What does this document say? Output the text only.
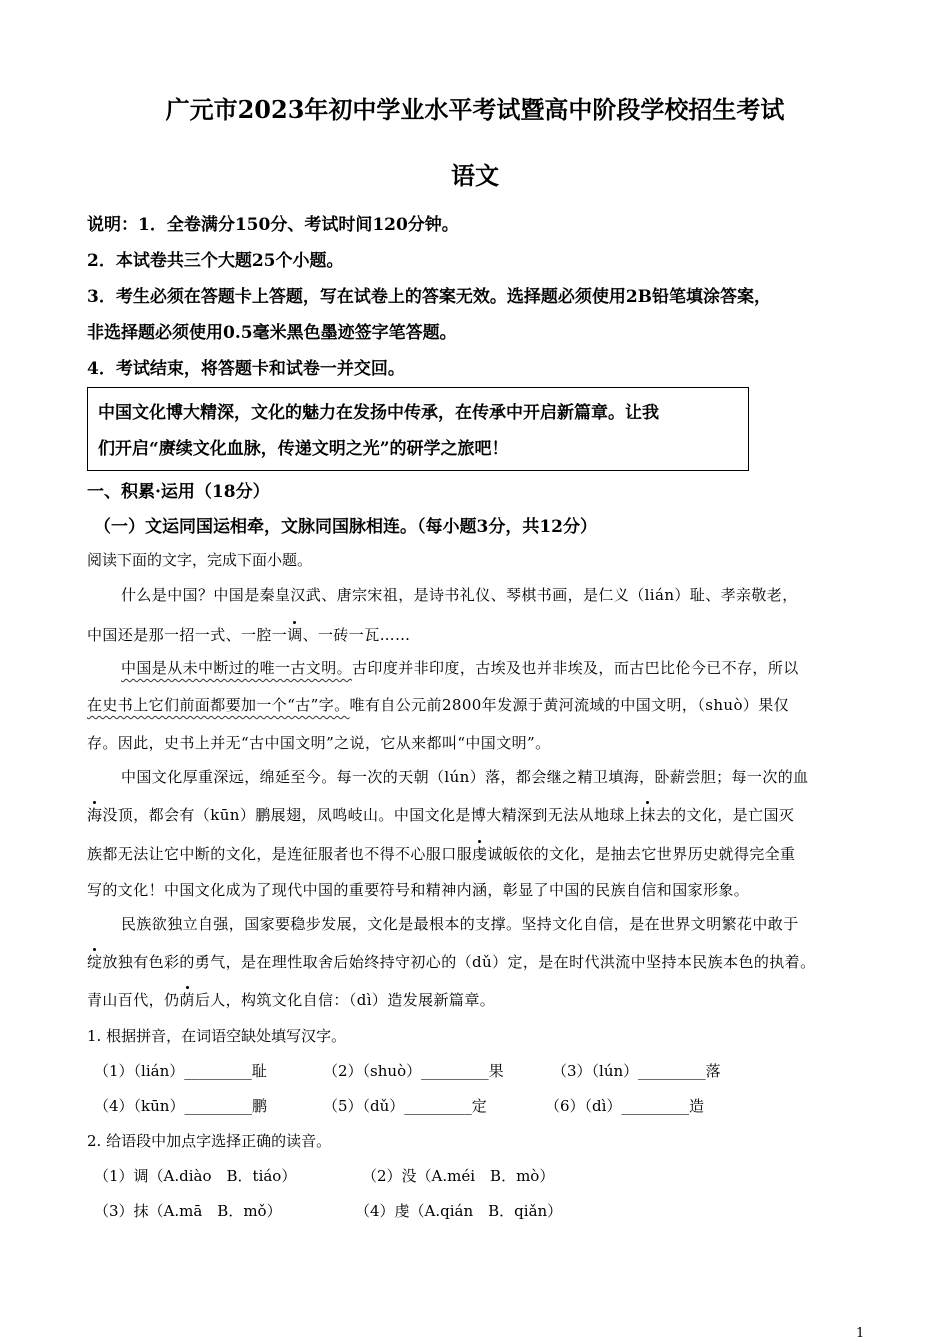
广元市2023年初中学业水平考试暨高中阶段学校招生考试
语文
说明：1．全卷满分150分、考试时间120分钟。
2．本试卷共三个大题25个小题。
3．考生必须在答题卡上答题，写在试卷上的答案无效。选择题必须使用2B铅笔填涂答案，
非选择题必须使用0.5毫米黑色墨迹签字笔答题。
4．考试结束，将答题卡和试卷一并交回。
中国文化博大精深，文化的魅力在发扬中传承，在传承中开启新篇章。让我
们开启“赓续文化血脉，传递文明之光”的研学之旅吧！
一、积累·运用（18分）
（一）文运同国运相牵，文脉同国脉相连。（每小题3分，共12分）
阅读下面的文字，完成下面小题。
什么是中国？中国是秦皇汉武、唐宗宋祖，是诗书礼仪、琴棋书画，是仁义（lián）耻、孝亲敬老，
中国还是那一招一式、一腔一调、一砖一瓦……
中国是从未中断过的唯一古文明。古印度并非印度，古埃及也并非埃及，而古巴比伦今已不存，所以
在史书上它们前面都要加一个“古”字。唯有自公元前2800年发源于黄河流域的中国文明，（shuò）果仅
存。因此，史书上并无“古中国文明”之说，它从来都叫“中国文明”。
中国文化厚重深远，绵延至今。每一次的天朝（lún）落，都会继之精卫填海，卧薪尝胆；每一次的血
海没顶，都会有（kūn）鹏展翅，凤鸣岐山。中国文化是博大精深到无法从地球上抹去的文化，是亡国灭
族都无法让它中断的文化，是连征服者也不得不心服口服虔诚皈依的文化，是抽去它世界历史就得完全重
写的文化！中国文化成为了现代中国的重要符号和精神内涵，彰显了中国的民族自信和国家形象。
民族欲独立自强，国家要稳步发展，文化是最根本的支撑。坚持文化自信，是在世界文明繁花中敢于
绽放独有色彩的勇气，是在理性取舍后始终持守初心的（dǔ）定，是在时代洪流中坚持本民族本色的执着。
青山百代，仍荫后人，构筑文化自信：（dì）造发展新篇章。
1. 根据拼音，在词语空缺处填写汉字。
（1）（lián）_________耻	（2）（shuò）_________果	（3）（lún）_________落
（4）（kūn）_________鹏	（5）（dǔ）_________定	（6）（dì）_________造
2. 给语段中加点字选择正确的读音。
（1）调（A.diào　B．tiáo）	（2）没（A.méi　B．mò）
（3）抹（A.mā　B．mǒ）	（4）虔（A.qián　B．qiǎn）
1
